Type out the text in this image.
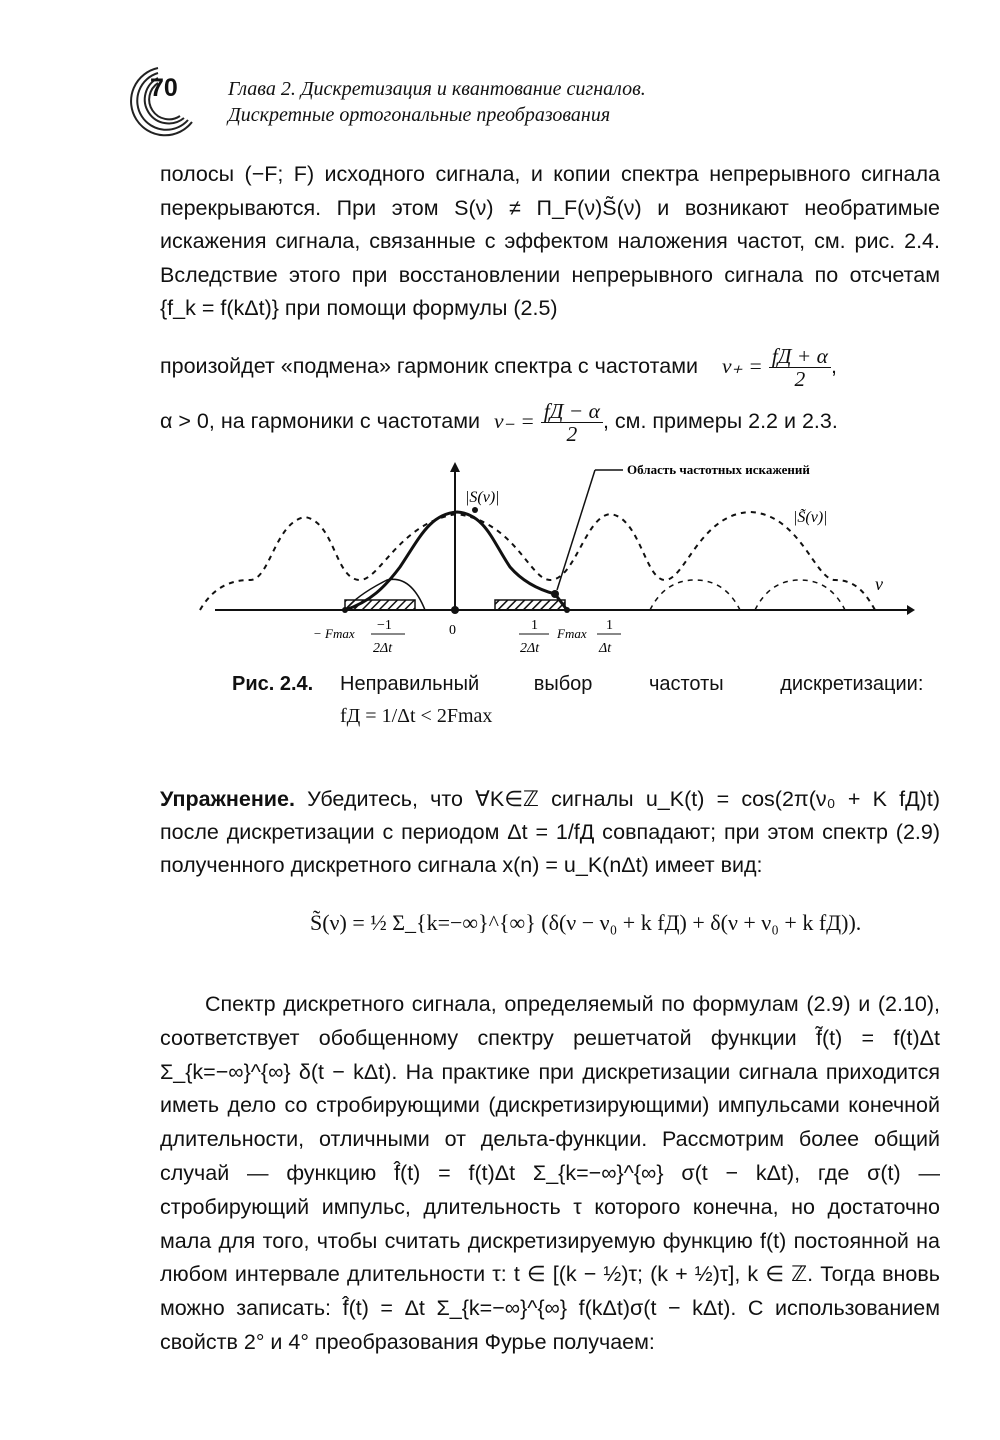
70	Глава 2. Дискретизация и квантование сигналов.
Дискретные ортогональные преобразования
полосы (−F; F) исходного сигнала, и копии спектра непрерывного сигнала перекрываются. При этом S(ν) ≠ Π_F(ν)S̃(ν) и возникают необратимые искажения сигнала, связанные с эффектом наложения частот, см. рис. 2.4. Вследствие этого при восстановлении непрерывного сигнала по отсчетам {f_k = f(kΔt)} при помощи формулы (2.5)
произойдет «подмена» гармоник спектра с частотами $\nu_+ = \frac{fД + \alpha}{2}$ ,
α > 0, на гармоники с частотами $\nu_- = \frac{fД - \alpha}{2}$ , см. примеры 2.2 и 2.3.
Область частотных искажений
|S(ν)|
|S̃(ν)|
ν
− Fmax
−1
2Δt
0	1
2Δt
Fmax
1
Δt
Рис. 2.4. Неправильный	выбор	частоты	дискретизации:
fД = 1/Δt < 2Fmax
Упражнение. Убедитесь, что ∀K∈ℤ сигналы u_K(t) = cos(2π(ν₀ + K fД)t) после дискретизации с периодом Δt = 1/fД совпадают; при этом спектр (2.9) полученного дискретного сигнала x(n) = u_K(nΔt) имеет вид:
S̃(ν) = ½ Σ_{k=−∞}^{∞} (δ(ν − ν₀ + k fД) + δ(ν + ν₀ + k fД)).
Спектр дискретного сигнала, определяемый по формулам (2.9) и (2.10), соответствует обобщенному спектру решетчатой функции f̃(t) = f(t)Δt Σ_{k=−∞}^{∞} δ(t − kΔt). На практике при дискретизации сигнала приходится иметь дело со стробирующими (дискретизирующими) импульсами конечной длительности, отличными от дельта-функции. Рассмотрим более общий случай — функцию f̂(t) = f(t)Δt Σ_{k=−∞}^{∞} σ(t − kΔt), где σ(t) — стробирующий импульс, длительность τ которого конечна, но достаточно мала для того, чтобы считать дискретизируемую функцию f(t) постоянной на любом интервале длительности τ: t ∈ [(k − ½)τ; (k + ½)τ], k ∈ ℤ. Тогда вновь можно записать: f̂(t) = Δt Σ_{k=−∞}^{∞} f(kΔt)σ(t − kΔt). С использованием свойств 2° и 4° преобразования Фурье получаем:
